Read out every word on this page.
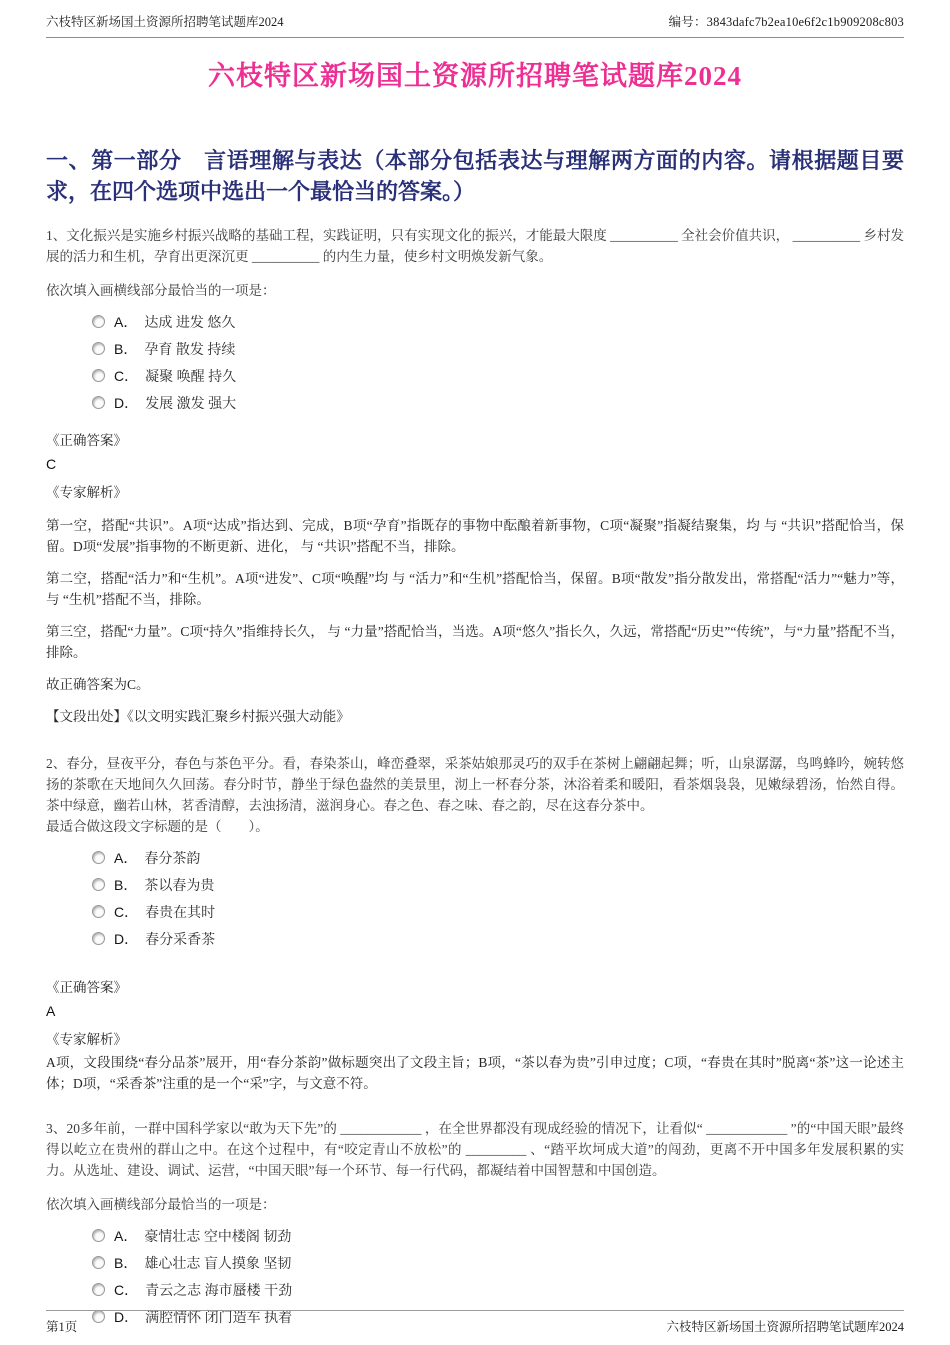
六枝特区新场国土资源所招聘笔试题库2024	编号：3843dafc7b2ea10e6f2c1b909208c803
六枝特区新场国土资源所招聘笔试题库2024
一、第一部分　言语理解与表达（本部分包括表达与理解两方面的内容。请根据题目要求，在四个选项中选出一个最恰当的答案。）

1、文化振兴是实施乡村振兴战略的基础工程，实践证明，只有实现文化的振兴，才能最大限度 __________ 全社会价值共识， __________ 乡村发展的活力和生机，孕育出更深沉更 __________ 的内生力量，使乡村文明焕发新气象。

依次填入画横线部分最恰当的一项是：

A． 达成 进发 悠久
B． 孕育 散发 持续
C． 凝聚 唤醒 持久
D． 发展 激发 强大

《正确答案》

C

《专家解析》

第一空，搭配“共识”。A项“达成”指达到、完成，B项“孕育”指既存的事物中酝酿着新事物，C项“凝聚”指凝结聚集，均 与 “共识”搭配恰当，保留。D项“发展”指事物的不断更新、进化， 与 “共识”搭配不当，排除。

第二空，搭配“活力”和“生机”。A项“进发”、C项“唤醒”均 与 “活力”和“生机”搭配恰当，保留。B项“散发”指分散发出，常搭配“活力”“魅力”等， 与 “生机”搭配不当，排除。

第三空，搭配“力量”。C项“持久”指维持长久， 与 “力量”搭配恰当，当选。A项“悠久”指长久，久远，常搭配“历史”“传统”，与“力量”搭配不当，排除。

故正确答案为C。

【文段出处】《以文明实践汇聚乡村振兴强大动能》

2、春分，昼夜平分，春色与茶色平分。看，春染茶山，峰峦叠翠，采茶姑娘那灵巧的双手在茶树上翩翩起舞；听，山泉潺潺，鸟鸣蜂吟，婉转悠扬的茶歌在天地间久久回荡。春分时节，静坐于绿色盎然的美景里，沏上一杯春分茶，沐浴着柔和暖阳，看茶烟袅袅，见嫩绿碧汤，怡然自得。茶中绿意，幽若山林，茗香清醇，去浊扬清，滋润身心。春之色、春之味、春之韵，尽在这春分茶中。

最适合做这段文字标题的是（　　）。

A． 春分茶韵
B． 茶以春为贵
C． 春贵在其时
D． 春分采香茶

《正确答案》

A

《专家解析》

A项，文段围绕“春分品茶”展开，用“春分茶韵”做标题突出了文段主旨；B项，“茶以春为贵”引申过度；C项，“春贵在其时”脱离“茶”这一论述主体；D项，“采香茶”注重的是一个“采”字，与文意不符。

3、20多年前，一群中国科学家以“敢为天下先”的 ____________ ，在全世界都没有现成经验的情况下，让看似“ ____________ ”的“中国天眼”最终得以屹立在贵州的群山之中。在这个过程中，有“咬定青山不放松”的 _________ 、“踏平坎坷成大道”的闯劲，更离不开中国多年发展积累的实力。从选址、建设、调试、运营，“中国天眼”每一个环节、每一行代码，都凝结着中国智慧和中国创造。

依次填入画横线部分最恰当的一项是：

A． 豪情壮志 空中楼阁 韧劲
B． 雄心壮志 盲人摸象 坚韧
C． 青云之志 海市蜃楼 干劲
D． 满腔情怀 闭门造车 执着
第1页	六枝特区新场国土资源所招聘笔试题库2024
